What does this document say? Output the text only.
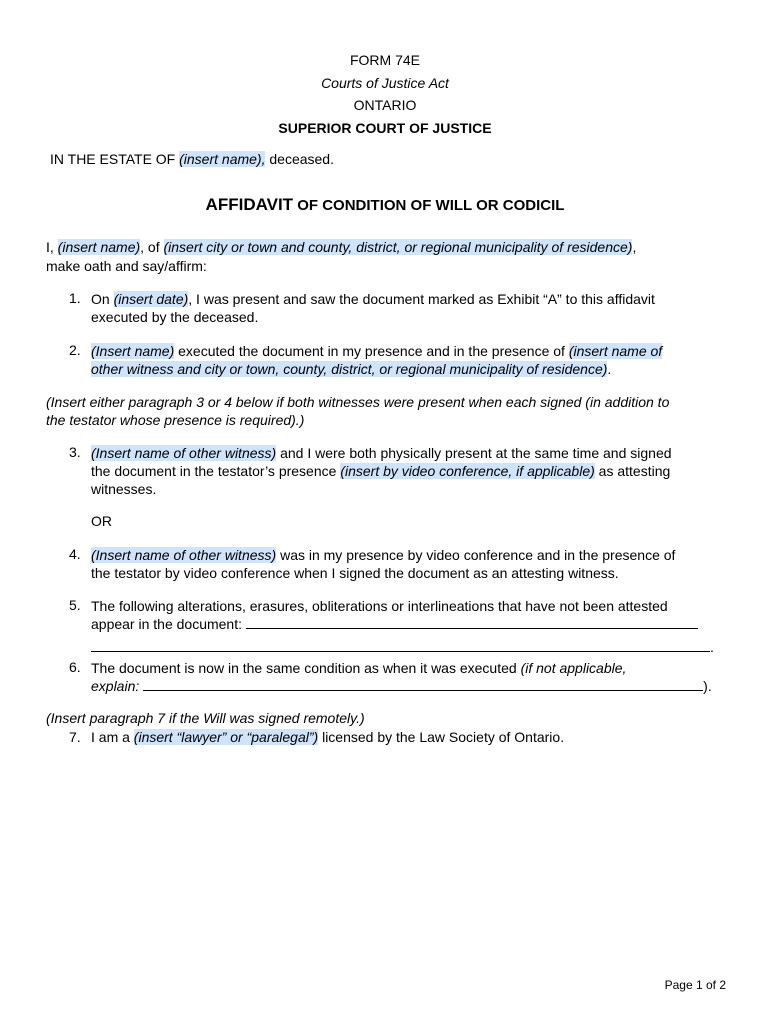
FORM 74E
Courts of Justice Act
ONTARIO
SUPERIOR COURT OF JUSTICE
IN THE ESTATE OF (insert name), deceased.
AFFIDAVIT OF CONDITION OF WILL OR CODICIL
I, (insert name), of (insert city or town and county, district, or regional municipality of residence),
make oath and say/affirm:
1. On (insert date), I was present and saw the document marked as Exhibit “A” to this affidavit
executed by the deceased.
2. (Insert name) executed the document in my presence and in the presence of (insert name of
other witness and city or town, county, district, or regional municipality of residence).
(Insert either paragraph 3 or 4 below if both witnesses were present when each signed (in addition to
the testator whose presence is required).)
3. (Insert name of other witness) and I were both physically present at the same time and signed
the document in the testator’s presence (insert by video conference, if applicable) as attesting
witnesses.
OR
4. (Insert name of other witness) was in my presence by video conference and in the presence of
the testator by video conference when I signed the document as an attesting witness.
5. The following alterations, erasures, obliterations or interlineations that have not been attested
appear in the document:
.
6. The document is now in the same condition as when it was executed (if not applicable,
explain:	).
(Insert paragraph 7 if the Will was signed remotely.)
7. I am a (insert “lawyer” or “paralegal”) licensed by the Law Society of Ontario.
Page 1 of 2
